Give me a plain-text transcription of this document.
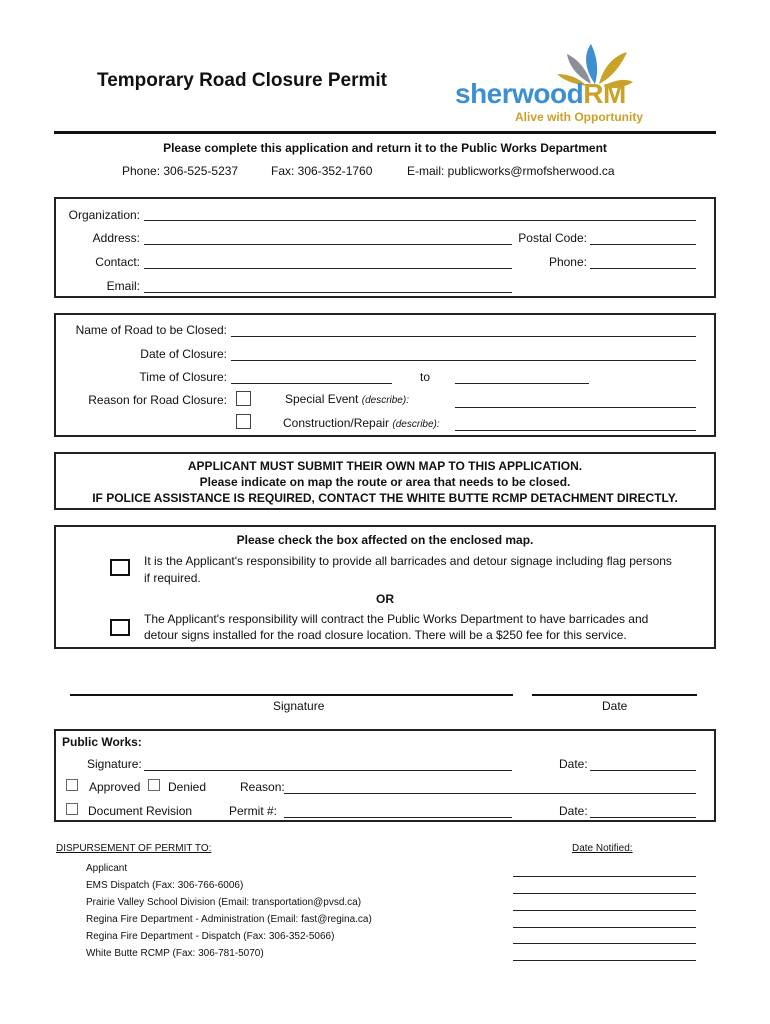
Temporary Road Closure Permit sherwoodRM
Alive with Opportunity
Please complete this application and return it to the Public Works Department
Phone: 306-525-5237	Fax: 306-352-1760	E-mail: publicworks@rmofsherwood.ca
Organization:
Address:	Postal Code:
Contact:	Phone:
Email:
Name of Road to be Closed:
Date of Closure:
Time of Closure:	to
Reason for Road Closure:	Special Event (describe):
Construction/Repair (describe):
APPLICANT MUST SUBMIT THEIR OWN MAP TO THIS APPLICATION.
Please indicate on map the route or area that needs to be closed.
IF POLICE ASSISTANCE IS REQUIRED, CONTACT THE WHITE BUTTE RCMP DETACHMENT DIRECTLY.
Please check the box affected on the enclosed map.
It is the Applicant's responsibility to provide all barricades and detour signage including flag persons
if required.
OR
The Applicant's responsibility will contract the Public Works Department to have barricades and
detour signs installed for the road closure location. There will be a $250 fee for this service.
Signature	Date
Public Works:
Signature:	Date:
Approved Denied	Reason:
Document Revision	Permit #:	Date:
DISPURSEMENT OF PERMIT TO:	Date Notified:
Applicant
EMS Dispatch (Fax: 306-766-6006)
Prairie Valley School Division (Email: transportation@pvsd.ca)
Regina Fire Department - Administration (Email: fast@regina.ca)
Regina Fire Department - Dispatch (Fax: 306-352-5066)
White Butte RCMP (Fax: 306-781-5070)
